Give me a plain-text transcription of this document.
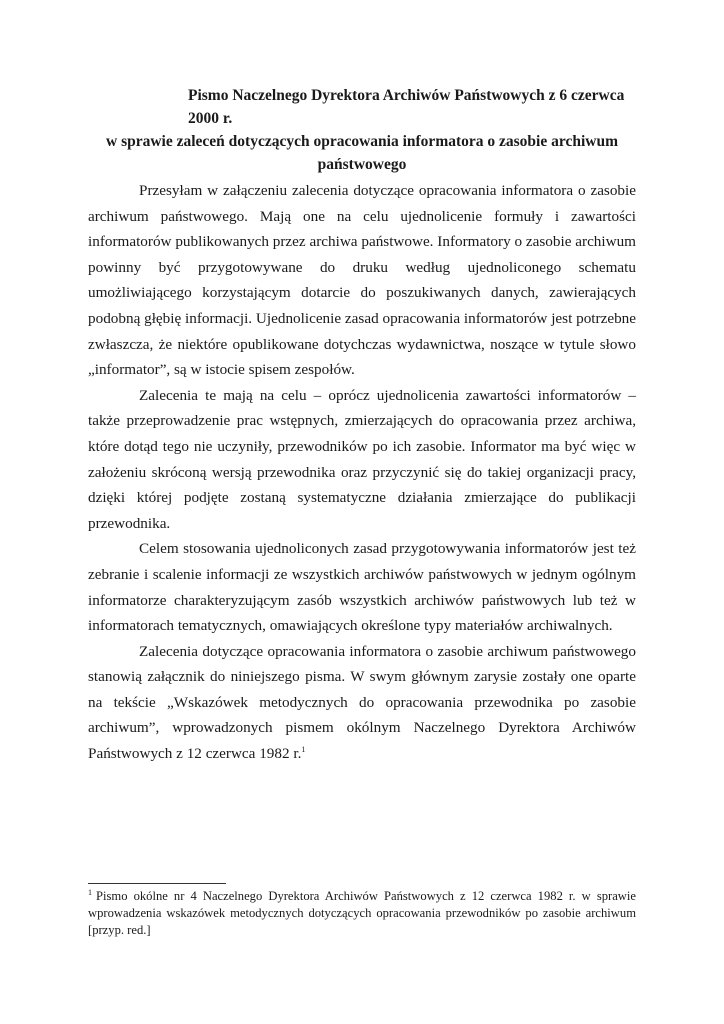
Pismo Naczelnego Dyrektora Archiwów Państwowych z 6 czerwca 2000 r.
w sprawie zaleceń dotyczących opracowania informatora o zasobie archiwum
państwowego

Przesyłam w załączeniu zalecenia dotyczące opracowania informatora o zasobie archiwum państwowego. Mają one na celu ujednolicenie formuły i zawartości informatorów publikowanych przez archiwa państwowe. Informatory o zasobie archiwum powinny być przygotowywane do druku według ujednoliconego schematu umożliwiającego korzystającym dotarcie do poszukiwanych danych, zawierających podobną głębię informacji. Ujednolicenie zasad opracowania informatorów jest potrzebne zwłaszcza, że niektóre opublikowane dotychczas wydawnictwa, noszące w tytule słowo „informator”, są w istocie spisem zespołów.

Zalecenia te mają na celu – oprócz ujednolicenia zawartości informatorów – także przeprowadzenie prac wstępnych, zmierzających do opracowania przez archiwa, które dotąd tego nie uczyniły, przewodników po ich zasobie. Informator ma być więc w założeniu skróconą wersją przewodnika oraz przyczynić się do takiej organizacji pracy, dzięki której podjęte zostaną systematyczne działania zmierzające do publikacji przewodnika.

Celem stosowania ujednoliconych zasad przygotowywania informatorów jest też zebranie i scalenie informacji ze wszystkich archiwów państwowych w jednym ogólnym informatorze charakteryzującym zasób wszystkich archiwów państwowych lub też w informatorach tematycznych, omawiających określone typy materiałów archiwalnych.

Zalecenia dotyczące opracowania informatora o zasobie archiwum państwowego stanowią załącznik do niniejszego pisma. W swym głównym zarysie zostały one oparte na tekście „Wskazówek metodycznych do opracowania przewodnika po zasobie archiwum”, wprowadzonych pismem okólnym Naczelnego Dyrektora Archiwów Państwowych z 12 czerwca 1982 r.$^1$

$^1$ Pismo okólne nr 4 Naczelnego Dyrektora Archiwów Państwowych z 12 czerwca 1982 r. w sprawie wprowadzenia wskazówek metodycznych dotyczących opracowania przewodników po zasobie archiwum [przyp. red.]
